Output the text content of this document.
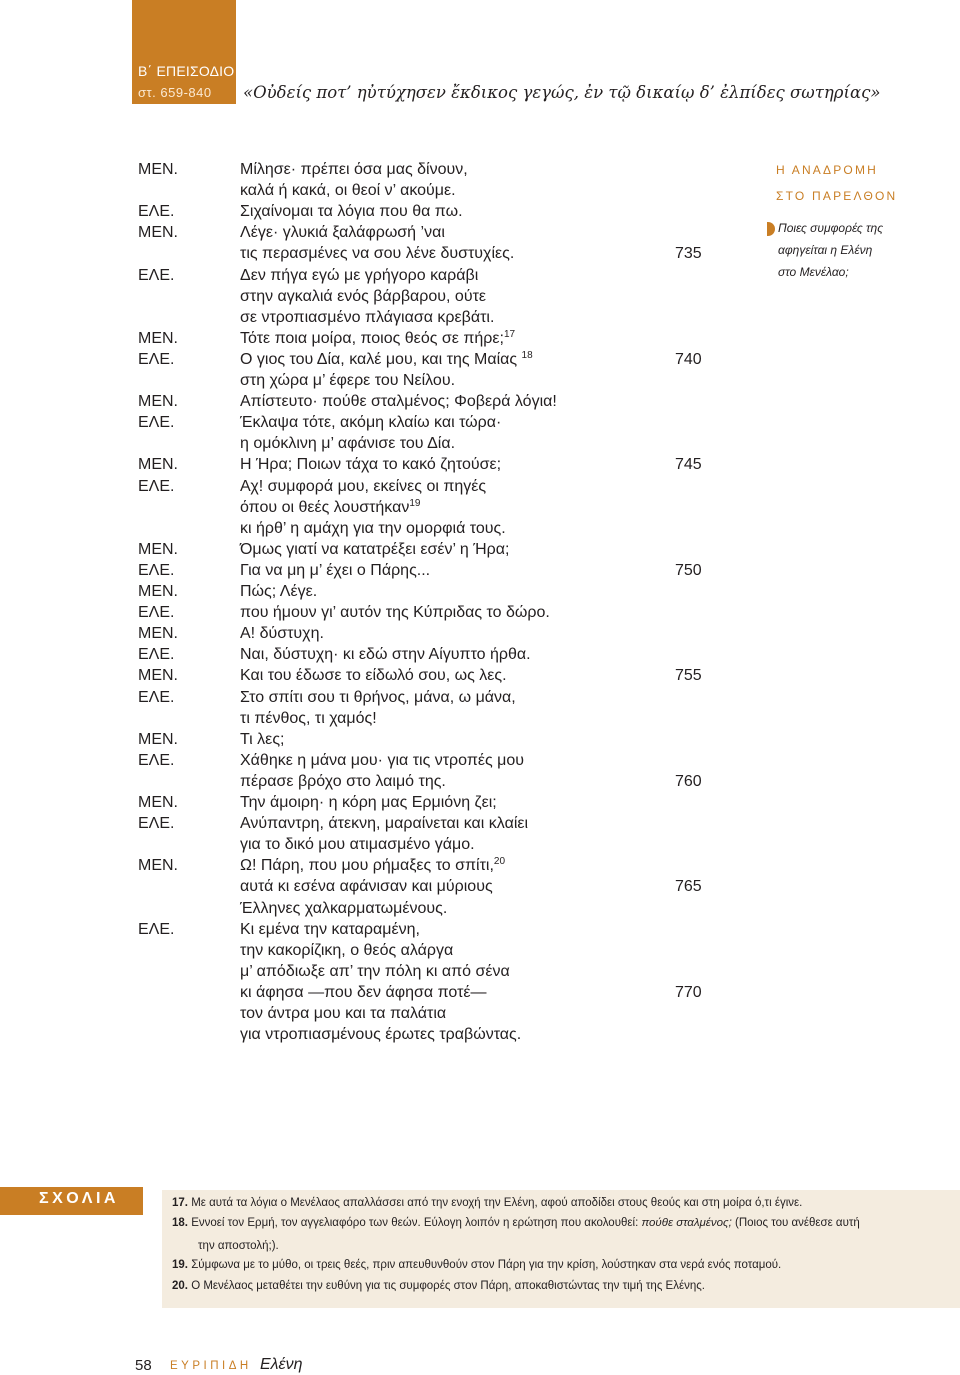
Β΄ ΕΠΕΙΣΟΔΙΟ
στ. 659-840 «Οὐδείς ποτ’ ηὐτύχησεν ἔκδικος γεγώς, ἐν τῷ δικαίῳ δ’ ἐλπίδες σωτηρίας»
ΜΕΝ.	Μίλησε· πρέπει όσα μας δίνουν,
καλά ή κακά, οι θεοί ν’ ακούμε.
ΕΛΕ.	Σιχαίνομαι τα λόγια που θα πω.
ΜΕΝ.	Λέγε· γλυκιά ξαλάφρωσή ’ναι
τις περασμένες να σου λένε δυστυχίες.	735
ΕΛΕ.	Δεν πήγα εγώ με γρήγορο καράβι
στην αγκαλιά ενός βάρβαρου, ούτε
σε ντροπιασμένο πλάγιασα κρεβάτι.
ΜΕΝ.	Τότε ποια μοίρα, ποιος θεός σε πήρε;$^{17}$
ΕΛΕ.	Ο γιος του Δία, καλέ μου, και της Μαίας $^{18}$	740
στη χώρα μ’ έφερε του Νείλου.
ΜΕΝ.	Απίστευτο· πούθε σταλμένος; Φοβερά λόγια!
ΕΛΕ.	Έκλαψα τότε, ακόμη κλαίω και τώρα·
η ομόκλινη μ’ αφάνισε του Δία.
ΜΕΝ.	Η Ήρα; Ποιων τάχα το κακό ζητούσε;	745
ΕΛΕ.	Αχ! συμφορά μου, εκείνες οι πηγές
όπου οι θεές λουστήκαν$^{19}$
κι ήρθ’ η αμάχη για την ομορφιά τους.
ΜΕΝ.	Όμως γιατί να κατατρέξει εσέν’ η Ήρα;
ΕΛΕ.	Για να μη μ’ έχει ο Πάρης...	750
ΜΕΝ.	Πώς; Λέγε.
ΕΛΕ.	που ήμουν γι’ αυτόν της Κύπριδας το δώρο.
ΜΕΝ.	Α! δύστυχη.
ΕΛΕ.	Ναι, δύστυχη· κι εδώ στην Αίγυπτο ήρθα.
ΜΕΝ.	Και του έδωσε το είδωλό σου, ως λες.	755
ΕΛΕ.	Στο σπίτι σου τι θρήνος, μάνα, ω μάνα,
τι πένθος, τι χαμός!
ΜΕΝ.	Τι λες;
ΕΛΕ.	Χάθηκε η μάνα μου· για τις ντροπές μου
πέρασε βρόχο στο λαιμό της.	760
ΜΕΝ.	Την άμοιρη· η κόρη μας Ερμιόνη ζει;
ΕΛΕ.	Ανύπαντρη, άτεκνη, μαραίνεται και κλαίει
για το δικό μου ατιμασμένο γάμο.
ΜΕΝ.	Ω! Πάρη, που μου ρήμαξες το σπίτι,$^{20}$
αυτά κι εσένα αφάνισαν και μύριους	765
Έλληνες χαλκαρματωμένους.
ΕΛΕ.	Κι εμένα την καταραμένη,
την κακορίζικη, ο θεός αλάργα
μ’ απόδιωξε απ’ την πόλη κι από σένα
κι άφησα —που δεν άφησα ποτέ—	770
τον άντρα μου και τα παλάτια
για ντροπιασμένους έρωτες τραβώντας.
Η ΑΝΑΔΡΟΜΗ
ΣΤΟ ΠΑΡΕΛΘΟΝ
Ποιες συμφορές της
αφηγείται η Ελένη
στο Μενέλαο;
ΣΧΟΛΙΑ	17. Με αυτά τα λόγια ο Μενέλαος απαλλάσσει από την ενοχή την Ελένη, αφού αποδίδει στους θεούς και στη μοίρα ό,τι έγινε.
18. Εννοεί τον Ερμή, τον αγγελιαφόρο των θεών. Εύλογη λοιπόν η ερώτηση που ακολουθεί: πούθε σταλμένος; (Ποιος του ανέθεσε αυτή
την αποστολή;).
19. Σύμφωνα με το μύθο, οι τρεις θεές, πριν απευθυνθούν στον Πάρη για την κρίση, λούστηκαν στα νερά ενός ποταμού.
20. Ο Μενέλαος μεταθέτει την ευθύνη για τις συμφορές στον Πάρη, αποκαθιστώντας την τιμή της Ελένης.
58 ΕΥΡΙΠΙΔΗ Ελένη
